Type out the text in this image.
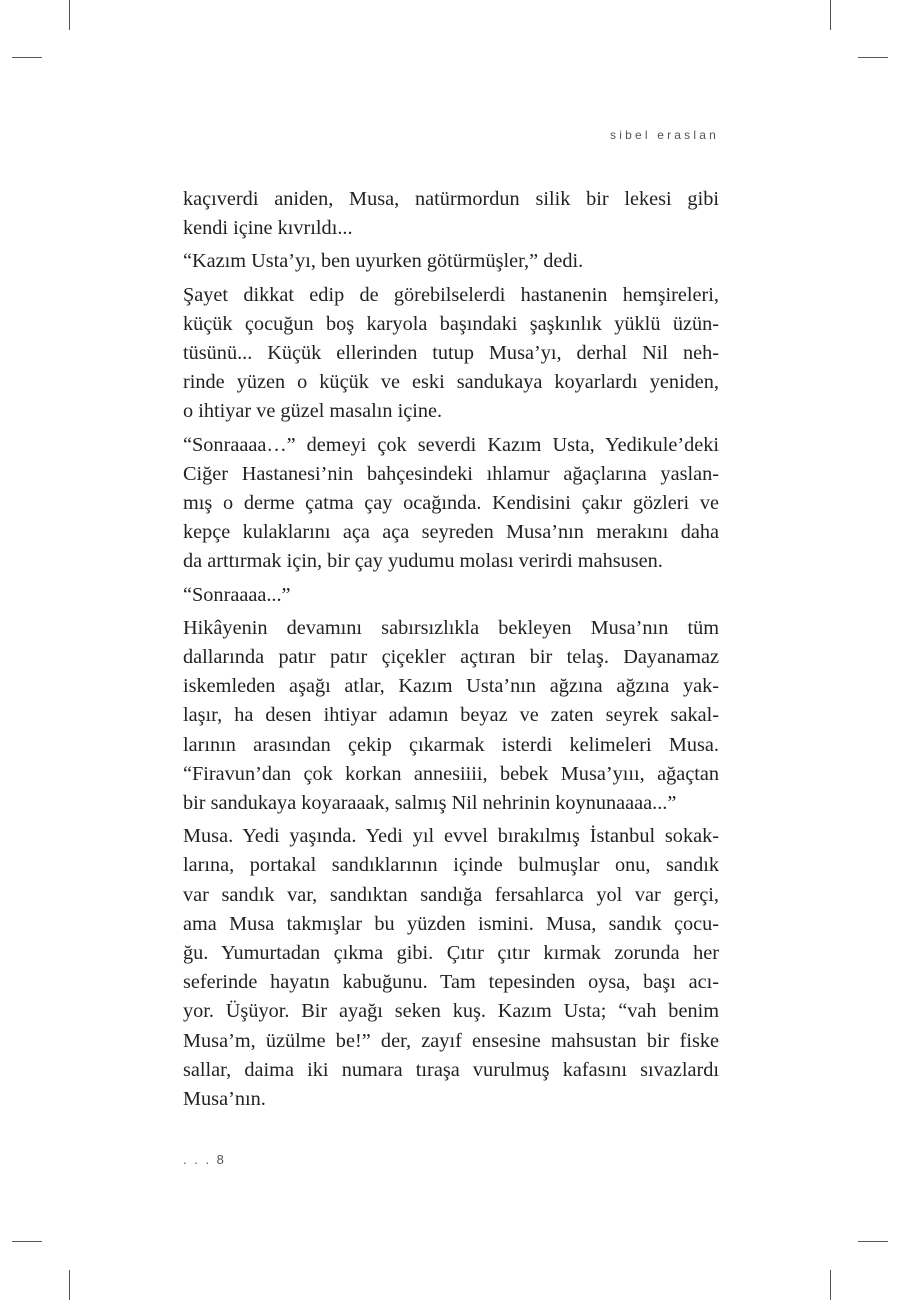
sibel eraslan

kaçıverdi aniden, Musa, natürmordun silik bir lekesi gibi
kendi içine kıvrıldı...

“Kazım Usta’yı, ben uyurken götürmüşler,” dedi.

Şayet dikkat edip de görebilselerdi hastanenin hemşireleri,
küçük çocuğun boş karyola başındaki şaşkınlık yüklü üzün-
tüsünü... Küçük ellerinden tutup Musa’yı, derhal Nil neh-
rinde yüzen o küçük ve eski sandukaya koyarlardı yeniden,
o ihtiyar ve güzel masalın içine.

“Sonraaaa…” demeyi çok severdi Kazım Usta, Yedikule’deki
Ciğer Hastanesi’nin bahçesindeki ıhlamur ağaçlarına yaslan-
mış o derme çatma çay ocağında. Kendisini çakır gözleri ve
kepçe kulaklarını aça aça seyreden Musa’nın merakını daha
da arttırmak için, bir çay yudumu molası verirdi mahsusen.

“Sonraaaa...”

Hikâyenin devamını sabırsızlıkla bekleyen Musa’nın tüm
dallarında patır patır çiçekler açtıran bir telaş. Dayanamaz
iskemleden aşağı atlar, Kazım Usta’nın ağzına ağzına yak-
laşır, ha desen ihtiyar adamın beyaz ve zaten seyrek sakal-
larının arasından çekip çıkarmak isterdi kelimeleri Musa.
“Firavun’dan çok korkan annesiiii, bebek Musa’yııı, ağaçtan
bir sandukaya koyaraaak, salmış Nil nehrinin koynunaaaa...”

Musa. Yedi yaşında. Yedi yıl evvel bırakılmış İstanbul sokak-
larına, portakal sandıklarının içinde bulmuşlar onu, sandık
var sandık var, sandıktan sandığa fersahlarca yol var gerçi,
ama Musa takmışlar bu yüzden ismini. Musa, sandık çocu-
ğu. Yumurtadan çıkma gibi. Çıtır çıtır kırmak zorunda her
seferinde hayatın kabuğunu. Tam tepesinden oysa, başı acı-
yor. Üşüyor. Bir ayağı seken kuş. Kazım Usta; “vah benim
Musa’m, üzülme be!” der, zayıf ensesine mahsustan bir fiske
sallar, daima iki numara tıraşa vurulmuş kafasını sıvazlardı
Musa’nın.

. . . 8
